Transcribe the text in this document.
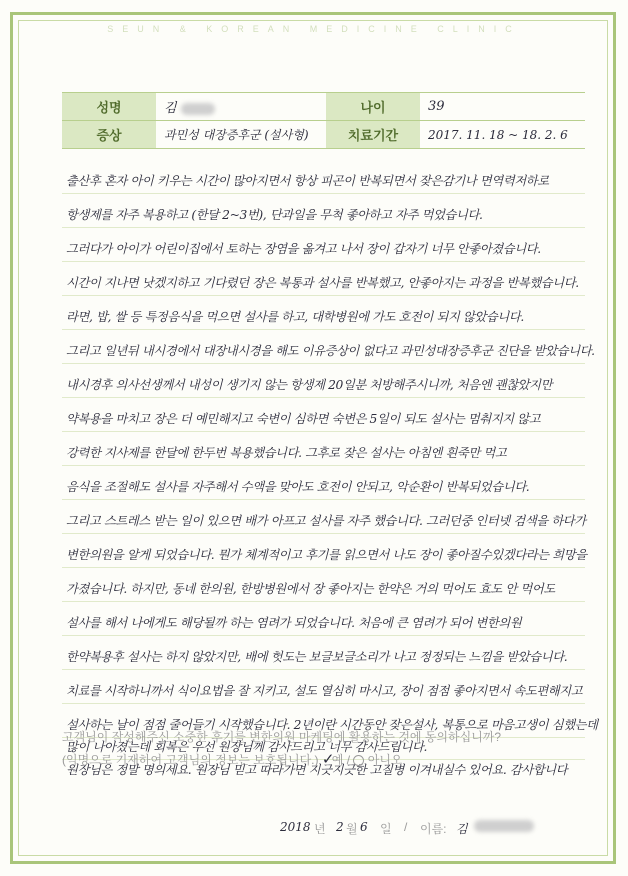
SEUN & KOREAN MEDICINE CLINIC
성명	김	나이	39
증상	과민성 대장증후군 (설사형)	치료기간	2017. 11. 18 ~ 18. 2. 6
출산후 혼자 아이 키우는 시간이 많아지면서 항상 피곤이 반복되면서 잦은감기나 면역력저하로
항생제를 자주 복용하고 (한달 2~3번), 단과일을 무척 좋아하고 자주 먹었습니다.
그러다가 아이가 어린이집에서 토하는 장염을 옮겨고 나서 장이 갑자기 너무 안좋아졌습니다.
시간이 지나면 낫겠지하고 기다렸던 장은 복통과 설사를 반복했고, 안좋아지는 과정을 반복했습니다.
라면, 밥, 쌀 등 특정음식을 먹으면 설사를 하고, 대학병원에 가도 호전이 되지 않았습니다.
그리고 일년뒤 내시경에서 대장내시경을 해도 이유증상이 없다고 과민성대장증후군 진단을 받았습니다.
내시경후 의사선생께서 내성이 생기지 않는 항생제 20일분 처방해주시니까, 처음엔 괜찮았지만
약복용을 마치고 장은 더 예민해지고 숙변이 심하면 숙변은 5일이 되도 설사는 멈춰지지 않고
강력한 지사제를 한달에 한두번 복용했습니다. 그후로 잦은 설사는 아침엔 흰죽만 먹고
음식을 조절해도 설사를 자주해서 수액을 맞아도 호전이 안되고, 악순환이 반복되었습니다.
그리고 스트레스 받는 일이 있으면 배가 아프고 설사를 자주 했습니다. 그러던중 인터넷 검색을 하다가
변한의원을 알게 되었습니다. 뭔가 체계적이고 후기를 읽으면서 나도 장이 좋아질수있겠다라는 희망을
가졌습니다. 하지만, 동네 한의원, 한방병원에서 장 좋아지는 한약은 거의 먹어도 효도 안 먹어도
설사를 해서 나에게도 해당될까 하는 염려가 되었습니다. 처음에 큰 염려가 되어 변한의원
한약복용후 설사는 하지 않았지만, 배에 헛도는 보글보글소리가 나고 정정되는 느낌을 받았습니다.
치료를 시작하니까서 식이요법을 잘 지키고, 설도 열심히 마시고, 장이 점점 좋아지면서 속도편해지고
설사하는 날이 점점 줄어들기 시작했습니다. 2년이란 시간동안 잦은설사, 복통으로 마음고생이 심했는데
많이 나아졌는데 회복은 우선 원장님께 감사드리고 너무 감사드립니다.
원장님은 정말 명의세요. 원장님 믿고 따라가면 지긋지긋한 고질병 이겨내실수 있어요. 감사합니다
고객님이 작성해주신 소중한 후기를 변한의원 마케팅에 활용하는 것에 동의하십니까?
(익명으로 기재하여 고객님의 정보는 보호됩니다.) ✓ 예 / 아니오
2018 년 2 월 6 일 / 이름: 김
